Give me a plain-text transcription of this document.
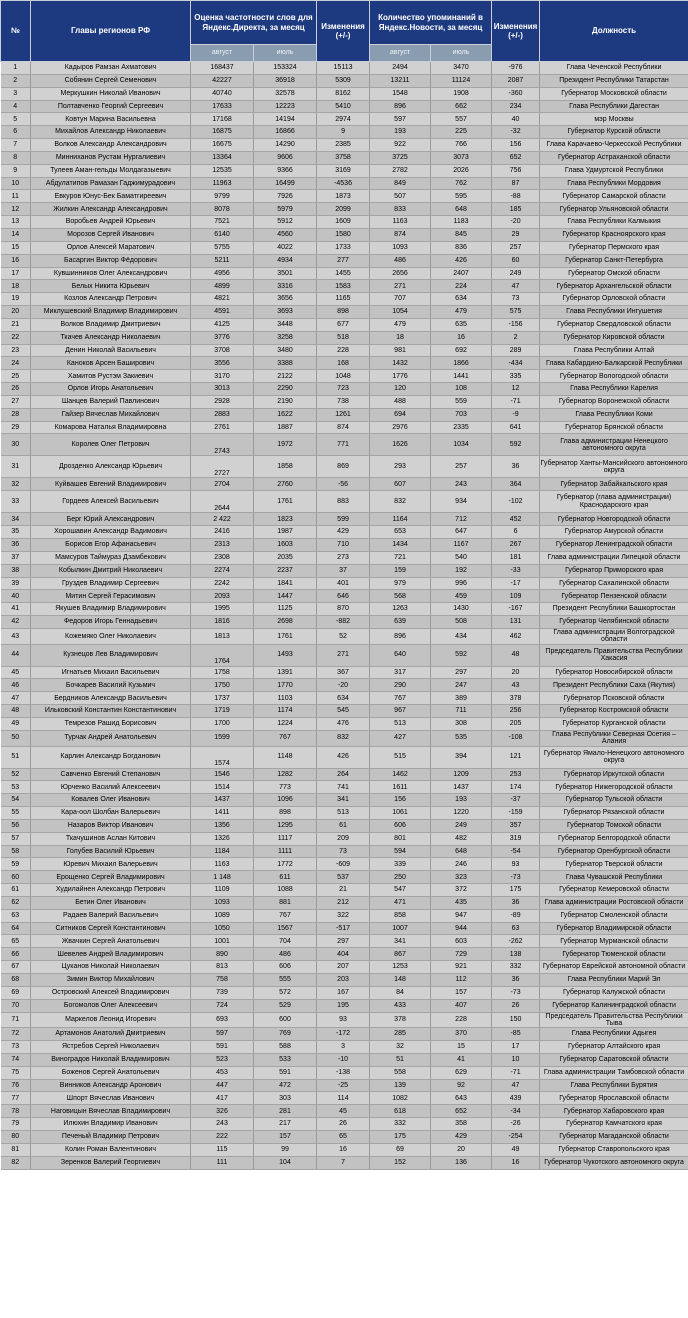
№	Главы регионов РФ	Оценка частотности слов для Яндекс.Директа, за месяц		Изменения (+/-)	Количество упоминаний в Яндекс.Новости, за месяц		Изменения (+/-)	Должность
		август	июль		август	июль		
1	Кадыров Рамзан Ахматович	168437	153324	15113	2494	3470	-976	Глава Чеченской Республики
2	Собянин Сергей Семенович	42227	36918	5309	13211	11124	2087	Президент Республики Татарстан
3	Меркушкин Николай Иванович	40740	32578	8162	1548	1908	-360	Губернатор Московской области
4	Полтавченко Георгий Сергеевич	17633	12223	5410	896	662	234	Глава Республики Дагестан
5	Ковтун Марина Васильевна	17168	14194	2974	597	557	40	мэр Москвы
6	Михайлов Александр Николаевич	16875	16866	9	193	225	-32	Губернатор Курской области
7	Волков Александр Александрович	16675	14290	2385	922	766	156	Глава Карачаево-Черкесской Республики
8	Минниханов Рустам Нургалиевич	13364	9606	3758	3725	3073	652	Губернатор Астраханской области
9	Тулеев Аман-гельды Молдагазыевич	12535	9366	3169	2782	2026	756	Глава Удмуртской Республики
10	Абдулатипов Рамазан Гаджимурадович	11963	16499	-4536	849	762	87	Глава Республики Мордовия
11	Евкуров Юнус-Бек Баматгиреевич	9799	7926	1873	507	595	-88	Губернатор Самарской области
12	Жилкин Александр Александрович	8078	5979	2099	833	648	185	Губернатор Ульяновской области
13	Воробьев Андрей Юрьевич	7521	5912	1609	1163	1183	-20	Глава Республики Калмыкия
14	Морозов Сергей Иванович	6140	4560	1580	874	845	29	Губернатор Красноярского края
15	Орлов Алексей Маратович	5755	4022	1733	1093	836	257	Губернатор Пермского края
16	Басаргин Виктор Фёдорович	5211	4934	277	486	426	60	Губернатор Санкт-Петербурга
17	Кувшинников Олег Александрович	4956	3501	1455	2656	2407	249	Губернатор Омской области
18	Белых Никита Юрьевич	4899	3316	1583	271	224	47	Губернатор Архангельской области
19	Козлов Александр Петрович	4821	3656	1165	707	634	73	Губернатор Орловской области
20	Миклушевский Владимир Владимирович	4591	3693	898	1054	479	575	Глава Республики Ингушетия
21	Волков Владимир Дмитриевич	4125	3448	677	479	635	-156	Губернатор Свердловской области
22	Ткачев Александр Николаевич	3776	3258	518	18	16	2	Губернатор Кировской области
23	Денин Николай Васильевич	3708	3480	228	981	692	289	Глава Республики Алтай
24	Каноков Арсен Баширович	3556	3388	168	1432	1866	-434	Глава Кабардино-Балкарской Республики
25	Хамитов Рустэм Закиевич	3170	2122	1048	1776	1441	335	Губернатор Вологодской области
26	Орлов Игорь Анатольевич	3013	2290	723	120	108	12	Глава Республики Карелия
27	Шанцев Валерий Павлинович	2928	2190	738	488	559	-71	Губернатор Воронежской области
28	Гайзер Вячеслав Михайлович	2883	1622	1261	694	703	-9	Глава Республики Коми
29	Комарова Наталья Владимировна	2761	1887	874	2976	2335	641	Губернатор Брянской области
30	Королев Олег Петрович	2743	1972	771	1626	1034	592	Глава администрации Ненецкого автономного округа
31	Дрозденко Александр Юрьевич	2727	1858	869	293	257	36	Губернатор Ханты-Мансийского автономного округа
32	Куйвашев Евгений Владимирович	2704	2760	-56	607	243	364	Губернатор Забайкальского края
33	Гордеев Алексей Васильевич	2644	1761	883	832	934	-102	Губернатор (глава администрации) Краснодарского края
34	Берг Юрий Александрович	2 422	1823	599	1164	712	452	Губернатор Новгородской области
35	Хорошавин Александр Вадимович	2416	1987	429	653	647	6	Губернатор Амурской области
36	Борисов Егор Афанасьевич	2313	1603	710	1434	1167	267	Губернатор Ленинградской области
37	Мамсуров Таймураз Дзамбекович	2308	2035	273	721	540	181	Глава администрации Липецкой области
38	Кобылкин Дмитрий Николаевич	2274	2237	37	159	192	-33	Губернатор Приморского края
39	Груздев Владимир Сергеевич	2242	1841	401	979	996	-17	Губернатор Сахалинской области
40	Митин Сергей Герасимович	2093	1447	646	568	459	109	Губернатор Пензенской области
41	Якушев Владимир Владимирович	1995	1125	870	1263	1430	-167	Президент Республики Башкортостан
42	Федоров Игорь Геннадьевич	1816	2698	-882	639	508	131	Губернатор Челябинской области
43	Кожемяко Олег Николаевич	1813	1761	52	896	434	462	Глава администрации Волгоградской области
44	Кузнецов Лев Владимирович	1764	1493	271	640	592	48	Председатель Правительства Республики Хакасия
45	Игнатьев Михаил Васильевич	1758	1391	367	317	297	20	Губернатор Новосибирской области
46	Бочкарев Василий Кузьмич	1750	1770	-20	290	247	43	Президент Республики Саха (Якутия)
47	Бердников Александр Васильевич	1737	1103	634	767	389	378	Губернатор Псковской области
48	Ильковский Константин Константинович	1719	1174	545	967	711	256	Губернатор Костромской области
49	Темрезов Рашид Борисович	1700	1224	476	513	308	205	Губернатор Курганской области
50	Турчак Андрей Анатольевич	1599	767	832	427	535	-108	Глава Республики Северная Осетия – Алания
51	Карлин Александр Богданович	1574	1148	426	515	394	121	Губернатор Ямало-Ненецкого автономного округа
52	Савченко Евгений Степанович	1546	1282	264	1462	1209	253	Губернатор Иркутской области
53	Юрченко Василий Алексеевич	1514	773	741	1611	1437	174	Губернатор Нижегородской области
54	Ковалев Олег Иванович	1437	1096	341	156	193	-37	Губернатор Тульской области
55	Кара-оол Шолбан Валерьевич	1411	898	513	1061	1220	-159	Губернатор Рязанской области
56	Назаров Виктор Иванович	1356	1295	61	606	249	357	Губернатор Томской области
57	Ткачушинов Аслан Китович	1326	1117	209	801	482	319	Губернатор Белгородской области
58	Голубев Василий Юрьевич	1184	1111	73	594	648	-54	Губернатор Оренбургской области
59	Юревич Михаил Валерьевич	1163	1772	-609	339	246	93	Губернатор Тверской области
60	Ерощенко Сергей Владимирович	1 148	611	537	250	323	-73	Глава Чувашской Республики
61	Худилайнен Александр Петрович	1109	1088	21	547	372	175	Губернатор Кемеровской области
62	Бетин Олег Иванович	1093	881	212	471	435	36	Глава администрации Ростовской области
63	Радаев Валерий Васильевич	1089	767	322	858	947	-89	Губернатор Смоленской области
64	Ситников Сергей Константинович	1050	1567	-517	1007	944	63	Губернатор Владимирской области
65	Жвачкин Сергей Анатольевич	1001	704	297	341	603	-262	Губернатор Мурманской области
66	Шевелев Андрей Владимирович	890	486	404	867	729	138	Губернатор Тюменской области
67	Цуканов Николай Николаевич	813	606	207	1253	921	332	Губернатор Еврейской автономной области
68	Зимин Виктор Михайлович	758	555	203	148	112	36	Глава Республики Марий Эл
69	Островский Алексей Владимирович	739	572	167	84	157	-73	Губернатор Калужской области
70	Богомолов Олег Алексеевич	724	529	195	433	407	26	Губернатор Калининградской области
71	Маркелов Леонид Игоревич	693	600	93	378	228	150	Председатель Правительства Республики Тыва
72	Артамонов Анатолий Дмитриевич	597	769	-172	285	370	-85	Глава Республики Адыгея
73	Ястребов Сергей Николаевич	591	588	3	32	15	17	Губернатор Алтайского края
74	Виноградов Николай Владимирович	523	533	-10	51	41	10	Губернатор Саратовской области
75	Боженов Сергей Анатольевич	453	591	-138	558	629	-71	Глава администрации Тамбовской области
76	Винников Александр Аронович	447	472	-25	139	92	47	Глава Республики Бурятия
77	Шпорт Вячеслав Иванович	417	303	114	1082	643	439	Губернатор Ярославской области
78	Наговицын Вячеслав Владимирович	326	281	45	618	652	-34	Губернатор Хабаровского края
79	Илюхин Владимир Иванович	243	217	26	332	358	-26	Губернатор Камчатского края
80	Печеный Владимир Петрович	222	157	65	175	429	-254	Губернатор Магаданской области
81	Колин Роман Валентинович	115	99	16	69	20	49	Губернатор Ставропольского края
82	Зеренков Валерий Георгиевич	111	104	7	152	136	16	Губернатор Чукотского автономного округа
